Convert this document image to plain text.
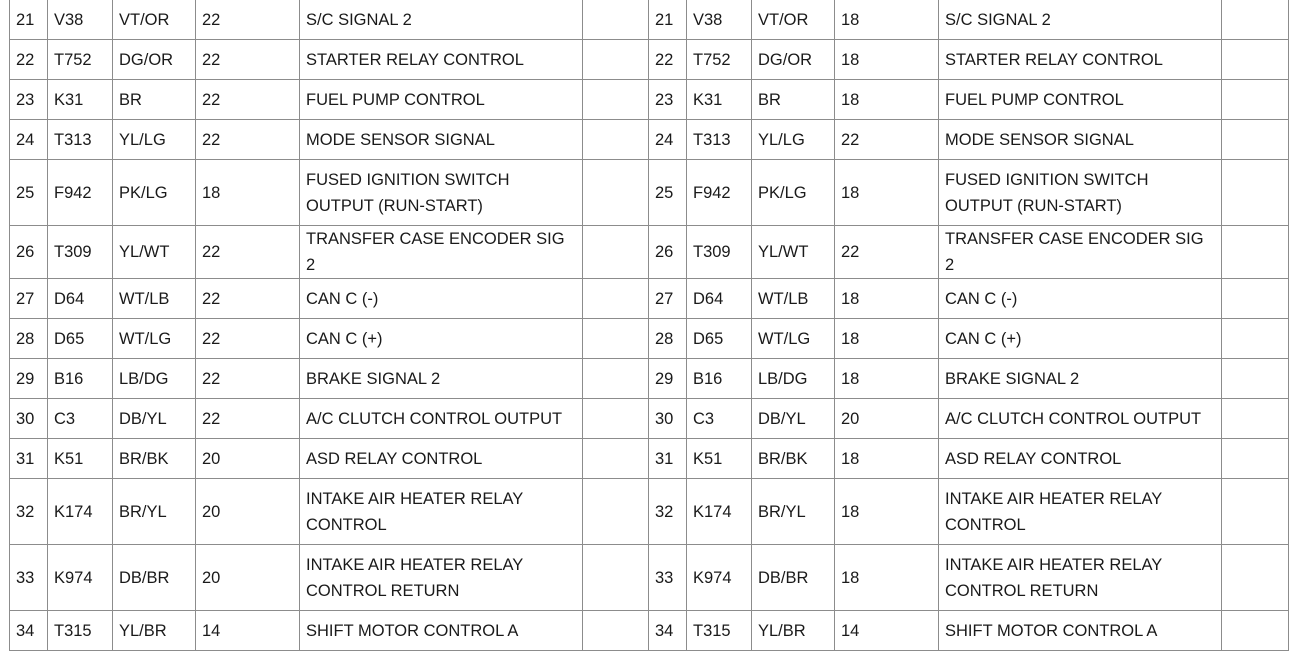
21	V38	VT/OR	22	S/C SIGNAL 2		21	V38	VT/OR	18	S/C SIGNAL 2	
22	T752	DG/OR	22	STARTER RELAY CONTROL		22	T752	DG/OR	18	STARTER RELAY CONTROL	
23	K31	BR	22	FUEL PUMP CONTROL		23	K31	BR	18	FUEL PUMP CONTROL	
24	T313	YL/LG	22	MODE SENSOR SIGNAL		24	T313	YL/LG	22	MODE SENSOR SIGNAL	
25	F942	PK/LG	18	FUSED IGNITION SWITCH OUTPUT (RUN-START)		25	F942	PK/LG	18	FUSED IGNITION SWITCH OUTPUT (RUN-START)	
26	T309	YL/WT	22	TRANSFER CASE ENCODER SIG 2		26	T309	YL/WT	22	TRANSFER CASE ENCODER SIG 2	
27	D64	WT/LB	22	CAN C (-)		27	D64	WT/LB	18	CAN C (-)	
28	D65	WT/LG	22	CAN C (+)		28	D65	WT/LG	18	CAN C (+)	
29	B16	LB/DG	22	BRAKE SIGNAL 2		29	B16	LB/DG	18	BRAKE SIGNAL 2	
30	C3	DB/YL	22	A/C CLUTCH CONTROL OUTPUT		30	C3	DB/YL	20	A/C CLUTCH CONTROL OUTPUT	
31	K51	BR/BK	20	ASD RELAY CONTROL		31	K51	BR/BK	18	ASD RELAY CONTROL	
32	K174	BR/YL	20	INTAKE AIR HEATER RELAY CONTROL		32	K174	BR/YL	18	INTAKE AIR HEATER RELAY CONTROL	
33	K974	DB/BR	20	INTAKE AIR HEATER RELAY CONTROL RETURN		33	K974	DB/BR	18	INTAKE AIR HEATER RELAY CONTROL RETURN	
34	T315	YL/BR	14	SHIFT MOTOR CONTROL A		34	T315	YL/BR	14	SHIFT MOTOR CONTROL A	
